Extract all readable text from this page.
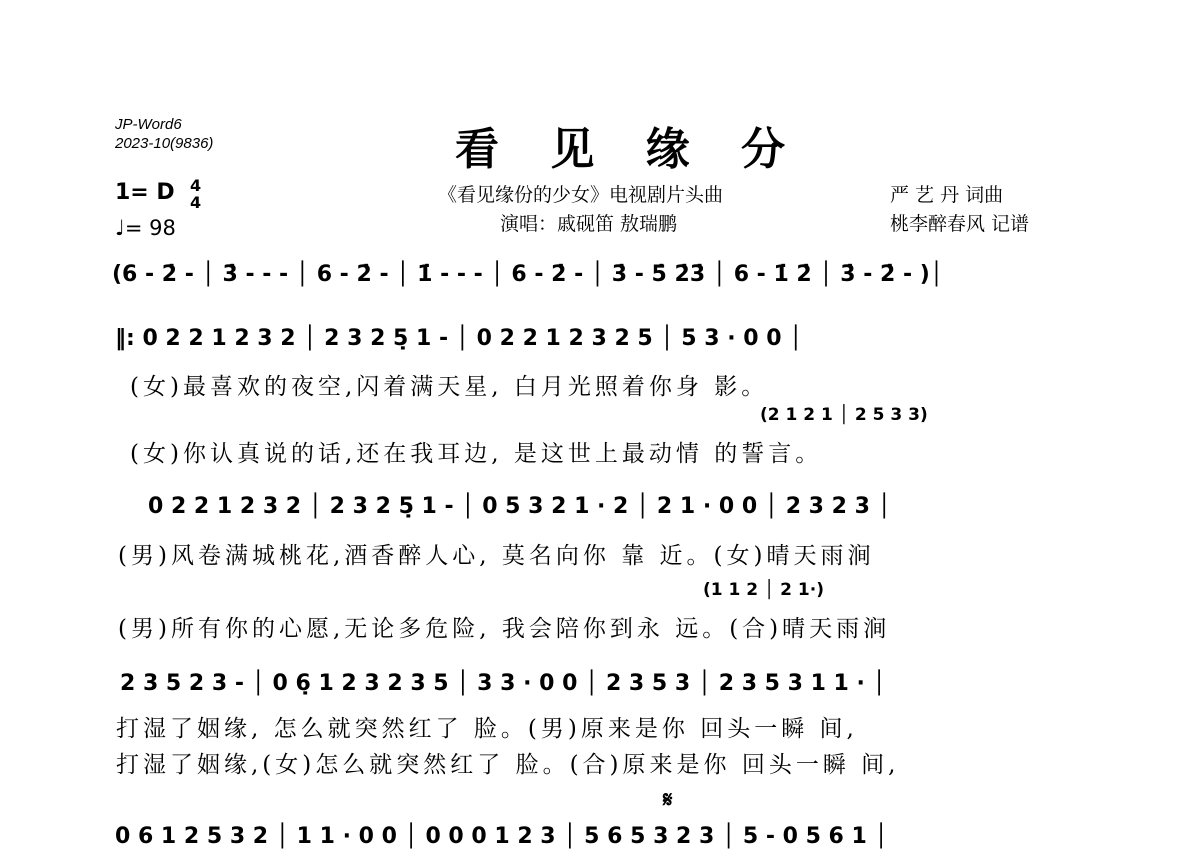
JP-Word6
2023-10(9836)	看 见 缘 分
1= D 4
4
♩= 98
《看见缘份的少女》电视剧片头曲
演唱：戚砚笛 敖瑞鹏
严 艺 丹 词曲
桃李醉春风 记谱
(6 - 2̇ - │ 3̇ - - - │ 6 - 2̇ - │ 1̇ - - - │ 6 - 2̇ - │ 3̇ - 5̇ 2̇3̇ │ 6 - 1̇ 2̇ │ 3̇ - 2̇ - )│
‖: 0 2 2 1 2 3 2 │ 2 3 2 5̣ 1 - │ 0 2 2 1 2 3 2 5 │ 5 3 · 0 0 │
(女)最喜欢的夜空,闪着满天星, 白月光照着你身 影。
(2 1 2 1 │ 2 5 3 3)
(女)你认真说的话,还在我耳边, 是这世上最动情 的誓言。
0 2 2 1 2 3 2 │ 2 3 2 5̣ 1 - │ 0 5 3 2 1 · 2 │ 2 1 · 0 0 │ 2 3 2 3 │
(男)风卷满城桃花,酒香醉人心, 莫名向你 靠 近。(女)晴天雨涧
(1 1 2 │ 2 1·)
(男)所有你的心愿,无论多危险, 我会陪你到永 远。(合)晴天雨涧
2 3 5 2 3 - │ 0 6̣ 1 2 3 2 3 5 │ 3 3 · 0 0 │ 2 3 5 3 │ 2 3 5 3 1 1 · │
打湿了姻缘, 怎么就突然红了 脸。(男)原来是你 回头一瞬 间,
打湿了姻缘,(女)怎么就突然红了 脸。(合)原来是你 回头一瞬 间,
𝄋
0 6 1 2 5 3 2 │ 1 1 · 0 0 │ 0 0 0 1 2 3 │ 5 6 5 3 2 3 │ 5 - 0 5 6 1 │
